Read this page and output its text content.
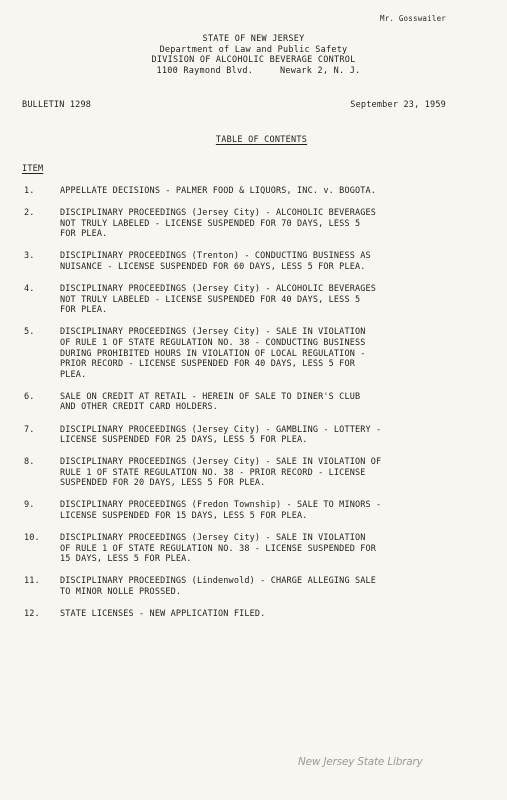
Mr. Gosswailer
STATE OF NEW JERSEY
Department of Law and Public Safety
DIVISION OF ALCOHOLIC BEVERAGE CONTROL
1100 Raymond Blvd.     Newark 2, N. J.
BULLETIN 1298	September 23, 1959
TABLE OF CONTENTS
ITEM
1.	APPELLATE DECISIONS - PALMER FOOD & LIQUORS, INC. v. BOGOTA.
2.	DISCIPLINARY PROCEEDINGS (Jersey City) - ALCOHOLIC BEVERAGES
NOT TRULY LABELED - LICENSE SUSPENDED FOR 70 DAYS, LESS 5
FOR PLEA.
3.	DISCIPLINARY PROCEEDINGS (Trenton) - CONDUCTING BUSINESS AS
NUISANCE - LICENSE SUSPENDED FOR 60 DAYS, LESS 5 FOR PLEA.
4.	DISCIPLINARY PROCEEDINGS (Jersey City) - ALCOHOLIC BEVERAGES
NOT TRULY LABELED - LICENSE SUSPENDED FOR 40 DAYS, LESS 5
FOR PLEA.
5.	DISCIPLINARY PROCEEDINGS (Jersey City) - SALE IN VIOLATION
OF RULE 1 OF STATE REGULATION NO. 38 - CONDUCTING BUSINESS
DURING PROHIBITED HOURS IN VIOLATION OF LOCAL REGULATION -
PRIOR RECORD - LICENSE SUSPENDED FOR 40 DAYS, LESS 5 FOR
PLEA.
6.	SALE ON CREDIT AT RETAIL - HEREIN OF SALE TO DINER'S CLUB
AND OTHER CREDIT CARD HOLDERS.
7.	DISCIPLINARY PROCEEDINGS (Jersey City) - GAMBLING - LOTTERY -
LICENSE SUSPENDED FOR 25 DAYS, LESS 5 FOR PLEA.
8.	DISCIPLINARY PROCEEDINGS (Jersey City) - SALE IN VIOLATION OF
RULE 1 OF STATE REGULATION NO. 38 - PRIOR RECORD - LICENSE
SUSPENDED FOR 20 DAYS, LESS 5 FOR PLEA.
9.	DISCIPLINARY PROCEEDINGS (Fredon Township) - SALE TO MINORS -
LICENSE SUSPENDED FOR 15 DAYS, LESS 5 FOR PLEA.
10.	DISCIPLINARY PROCEEDINGS (Jersey City) - SALE IN VIOLATION
OF RULE 1 OF STATE REGULATION NO. 38 - LICENSE SUSPENDED FOR
15 DAYS, LESS 5 FOR PLEA.
11.	DISCIPLINARY PROCEEDINGS (Lindenwold) - CHARGE ALLEGING SALE
TO MINOR NOLLE PROSSED.
12.	STATE LICENSES - NEW APPLICATION FILED.
New Jersey State Library
